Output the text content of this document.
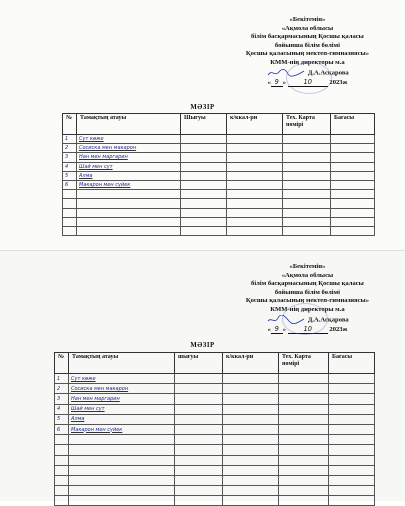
«Бекітемін»
«Ақмола облысы
білім басқармасының Қосшы қаласы
бойынша білім бөлімі
Қосшы қаласының мектеп-гимназиясы»
КММ-нің директоры м.а
Д.А.Асқарова
« 9 »	10	2023ж
МӘЗІР
№	Тамақтың атауы	Шығуы	к/ккал-ри	Тех. Карта нөмірі	Бағасы
1	Сүт көже				
2	Сосиска мен макарон				
3	Нан мен маргарин				
4	Шай мен сүт				
5	Алма				
6	Макарон мен сүйек				

«Бекітемін»
«Ақмола облысы
білім басқармасының Қосшы қаласы
бойынша білім бөлімі
Қосшы қаласының мектеп-гимназиясы»
КММ-нің директоры м.а
Д.А.Асқарова
« 9 »	10	2023ж
МӘЗІР
№	Тамақтың атауы	шығуы	к/ккал-ри	Тех. Карта нөмірі	Бағасы
1	Сүт көже				
2	Сосиска мен макарон				
3	Нан мен маргарин				
4	Шай мен сүт				
5	Алма				
6	Макарон мен сүйек				
